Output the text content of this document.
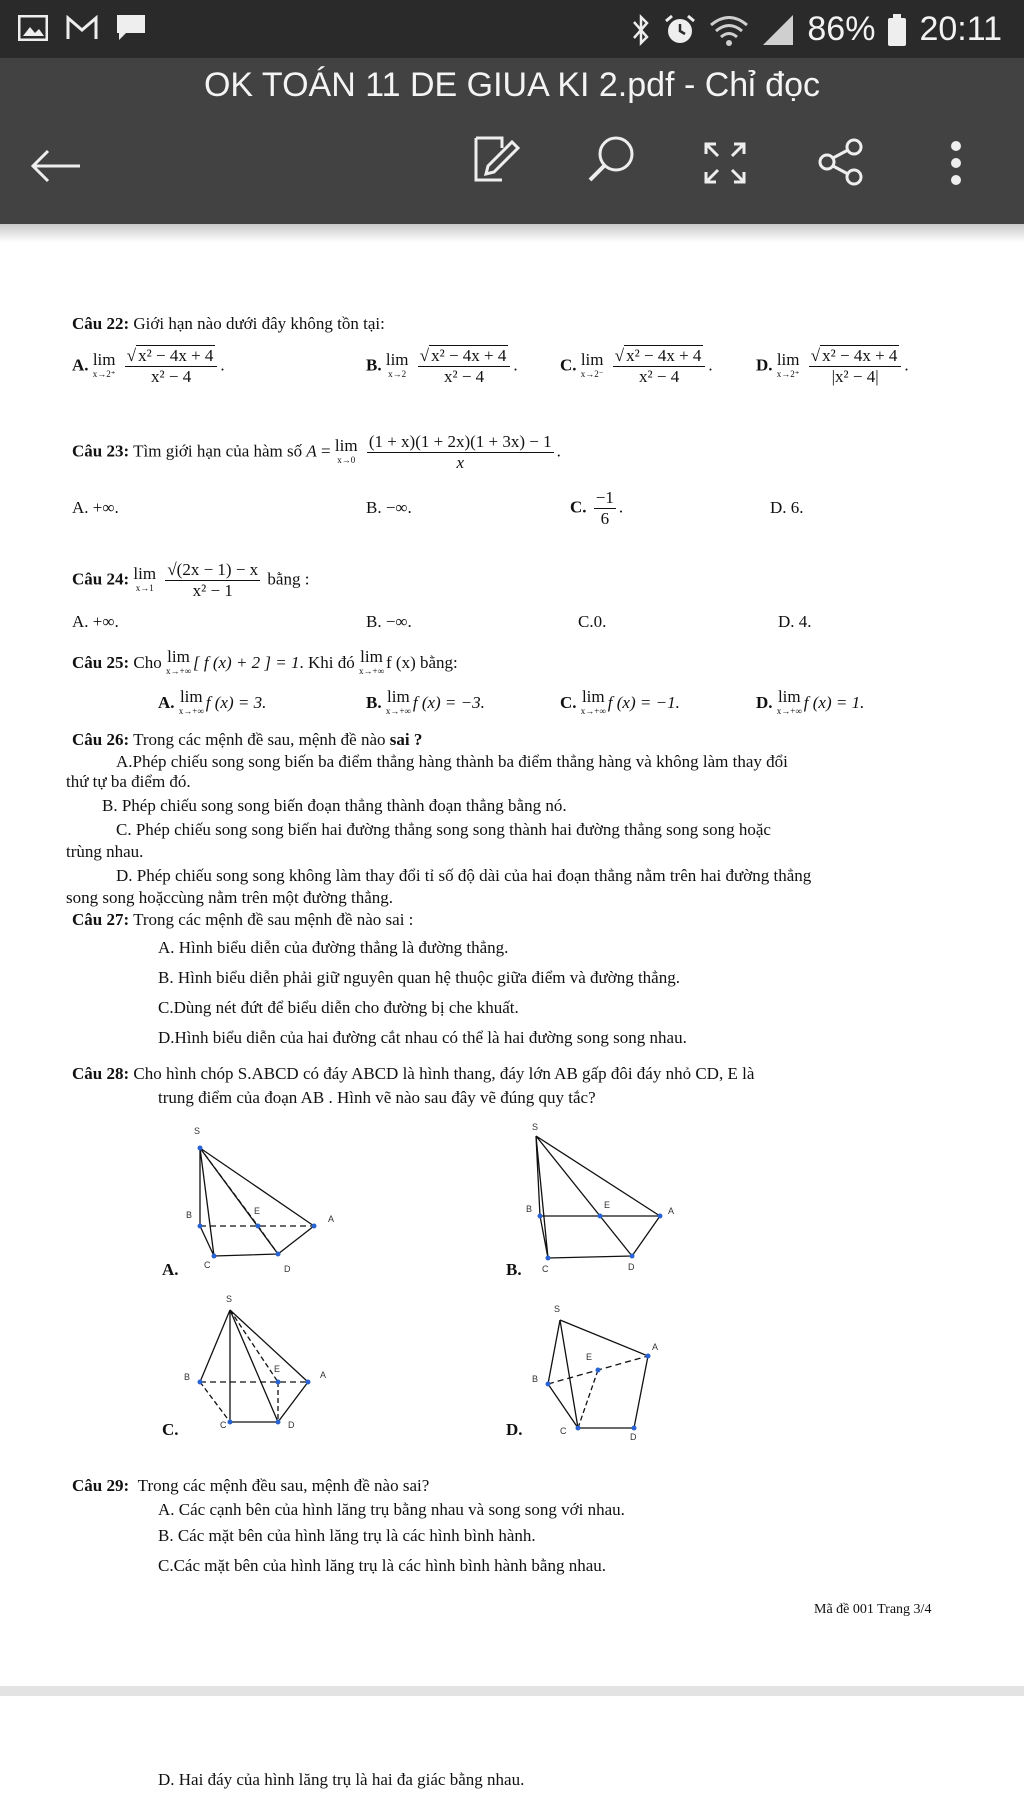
86% 20:11
OK TOÁN 11 DE GIUA KI 2.pdf - Chỉ đọc
Câu 22: Giới hạn nào dưới đây không tồn tại:
A. lim
x→2⁺
$\frac{\text{√ x² − 4x + 4}}{\text{x² − 4}}$ .	B. lim
x→2
$\frac{\text{√ x² − 4x + 4}}{\text{x² − 4}}$ . C. lim
x→2⁻
$\frac{\text{√ x² − 4x + 4}}{\text{x² − 4}}$ .	D. lim
x→2⁺
$\frac{\text{√ x² − 4x + 4}}{\text{|x² − 4|}}$ .
Câu 23: Tìm giới hạn của hàm số A = lim
x→0
$\frac{(1 + x)(1 + 2x)(1 + 3x) - 1}{x}$ .
A. +∞.	B. −∞.	C. $\frac{-1}{6}$ .	D. 6.
Câu 24: lim
x→1
$\frac{√(2x - 1) - x}{\text{x² − 1}}$ bằng :
A. +∞.	B. −∞.	C.0.	D. 4.
Câu 25: Cho lim
x→+∞ [ f (x) + 2 ] = 1. Khi đó lim
x→+∞ f (x) bằng:
A. lim
x→+∞ f (x) = 3.	B. lim
x→+∞ f (x) = −3.	C. lim
x→+∞ f (x) = −1.	D. lim
x→+∞ f (x) = 1.
Câu 26: Trong các mệnh đề sau, mệnh đề nào sai ?
A.Phép chiếu song song biến ba điểm thẳng hàng thành ba điểm thẳng hàng và không làm thay đổi
thứ tự ba điểm đó.
B. Phép chiếu song song biến đoạn thẳng thành đoạn thẳng bằng nó.
C. Phép chiếu song song biến hai đường thẳng song song thành hai đường thẳng song song hoặc
trùng nhau.
D. Phép chiếu song song không làm thay đổi tỉ số độ dài của hai đoạn thẳng nằm trên hai đường thẳng
song song hoặccùng nằm trên một đường thẳng.
Câu 27: Trong các mệnh đề sau mệnh đề nào sai :
A. Hình biểu diễn của đường thẳng là đường thẳng.
B. Hình biểu diễn phải giữ nguyên quan hệ thuộc giữa điểm và đường thẳng.
C.Dùng nét đứt để biểu diễn cho đường bị che khuất.
D.Hình biểu diễn của hai đường cắt nhau có thể là hai đường song song nhau.
Câu 28: Cho hình chóp S.ABCD có đáy ABCD là hình thang, đáy lớn AB gấp đôi đáy nhỏ CD, E là
trung điểm của đoạn AB . Hình vẽ nào sau đây vẽ đúng quy tắc?
A.
S
B	E
A
C	D	B.
S
B	E
A
C	D
C.
S
B
E
A
C	D	D.
S
B
E
A
C
D
Câu 29: Trong các mệnh đều sau, mệnh đề nào sai?
A. Các cạnh bên của hình lăng trụ bằng nhau và song song với nhau.
B. Các mặt bên của hình lăng trụ là các hình bình hành.
C.Các mặt bên của hình lăng trụ là các hình bình hành bằng nhau.
Mã đề 001 Trang 3/4
D. Hai đáy của hình lăng trụ là hai đa giác bằng nhau.
